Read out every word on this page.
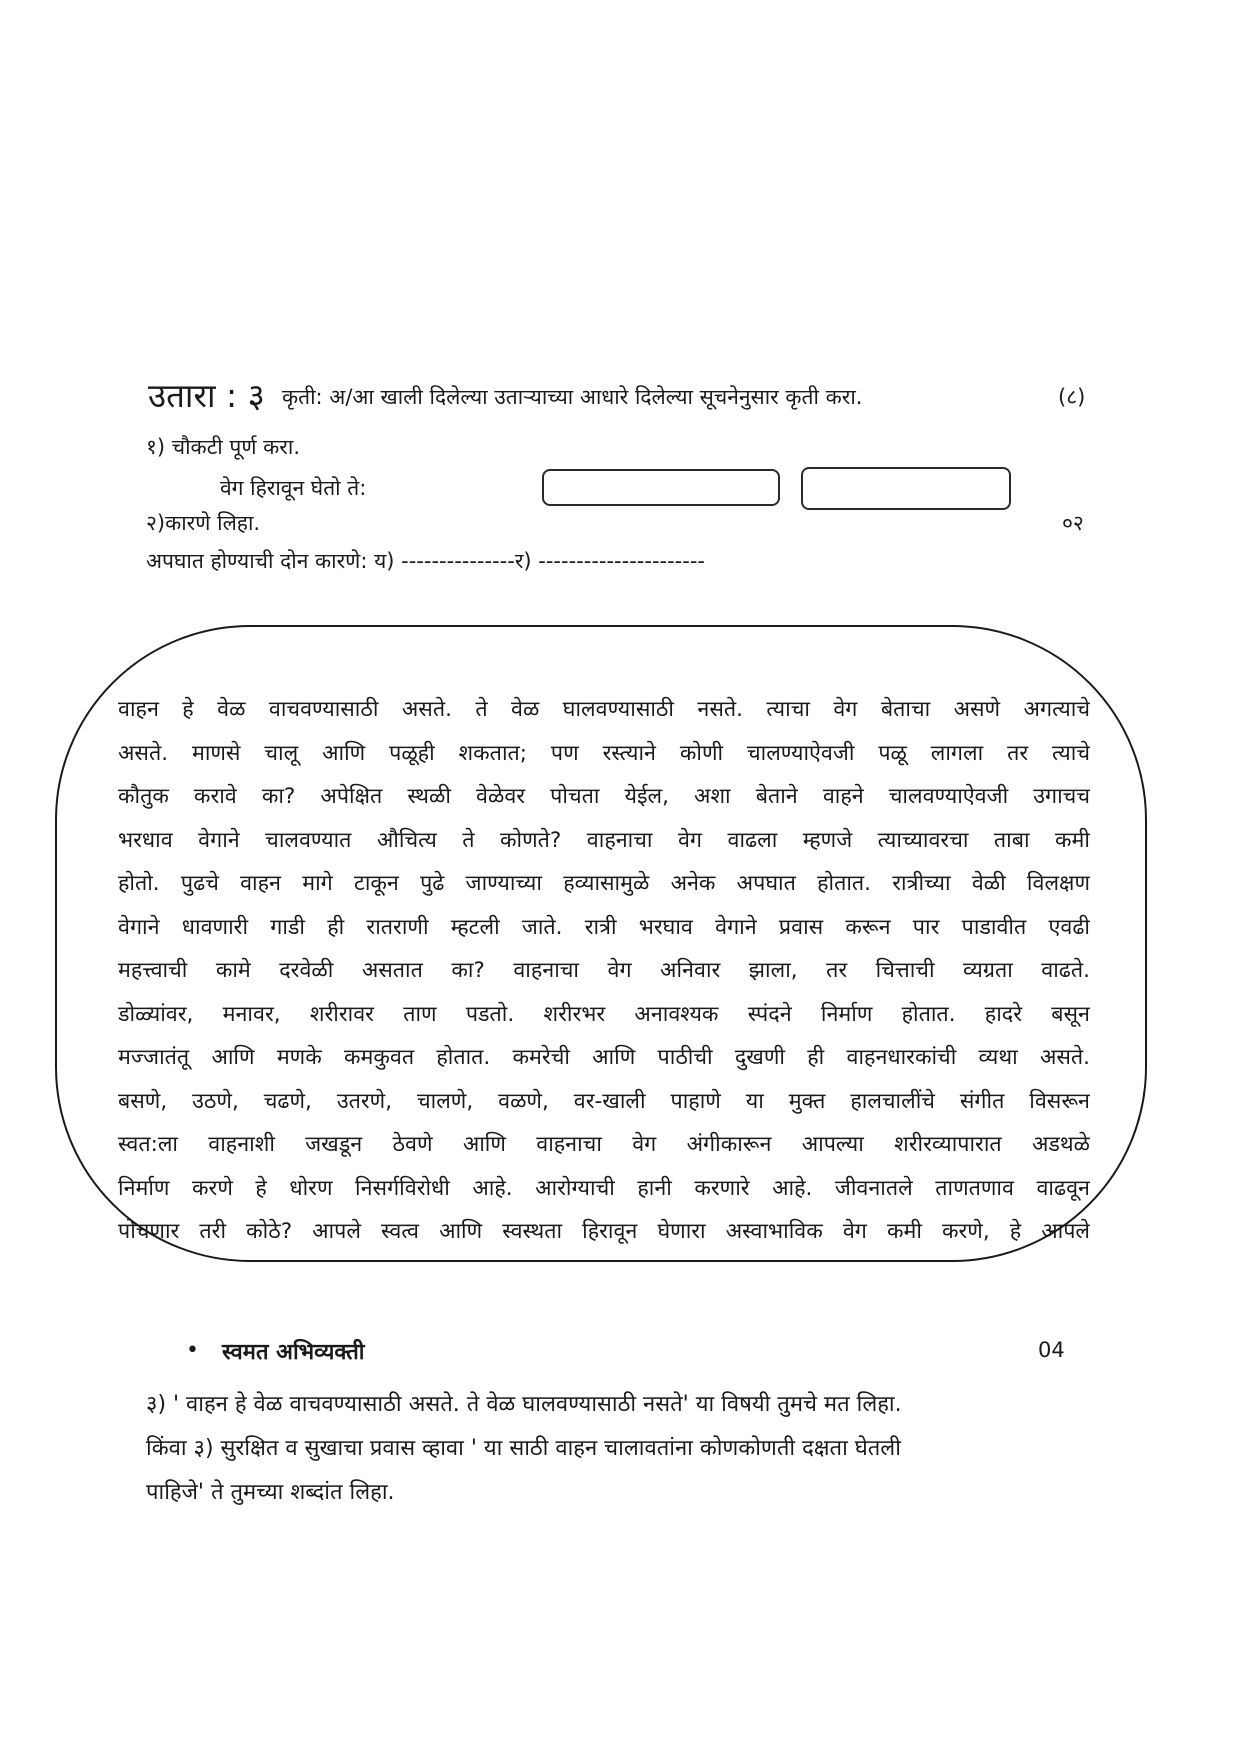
उतारा : ३ कृती: अ/आ खाली दिलेल्या उताऱ्याच्या आधारे दिलेल्या सूचनेनुसार कृती करा.	(८)
१) चौकटी पूर्ण करा.
वेग हिरावून घेतो ते:
२)कारणे लिहा.	०२
अपघात होण्याची दोन कारणे: य) ---------------र) ----------------------
वाहन हे वेळ वाचवण्यासाठी असते. ते वेळ घालवण्यासाठी नसते. त्याचा वेग बेताचा असणे अगत्याचे
असते. माणसे चालू आणि पळूही शकतात; पण रस्त्याने कोणी चालण्याऐवजी पळू लागला तर त्याचे
कौतुक करावे का? अपेक्षित स्थळी वेळेवर पोचता येईल, अशा बेताने वाहने चालवण्याऐवजी उगाचच
भरधाव वेगाने चालवण्यात औचित्य ते कोणते? वाहनाचा वेग वाढला म्हणजे त्याच्यावरचा ताबा कमी
होतो. पुढचे वाहन मागे टाकून पुढे जाण्याच्या हव्यासामुळे अनेक अपघात होतात. रात्रीच्या वेळी विलक्षण
वेगाने धावणारी गाडी ही रातराणी म्हटली जाते. रात्री भरघाव वेगाने प्रवास करून पार पाडावीत एवढी
महत्त्वाची कामे दरवेळी असतात का? वाहनाचा वेग अनिवार झाला, तर चित्ताची व्यग्रता वाढते.
डोळ्यांवर, मनावर, शरीरावर ताण पडतो. शरीरभर अनावश्यक स्पंदने निर्माण होतात. हादरे बसून
मज्जातंतू आणि मणके कमकुवत होतात. कमरेची आणि पाठीची दुखणी ही वाहनधारकांची व्यथा असते.
बसणे, उठणे, चढणे, उतरणे, चालणे, वळणे, वर-खाली पाहाणे या मुक्त हालचालींचे संगीत विसरून
स्वत:ला वाहनाशी जखडून ठेवणे आणि वाहनाचा वेग अंगीकारून आपल्या शरीरव्यापारात अडथळे
निर्माण करणे हे धोरण निसर्गविरोधी आहे. आरोग्याची हानी करणारे आहे. जीवनातले ताणतणाव वाढवून
पोचणार तरी कोठे? आपले स्वत्व आणि स्वस्थता हिरावून घेणारा अस्वाभाविक वेग कमी करणे, हे आपले
• स्वमत अभिव्यक्ती	04
३) ' वाहन हे वेळ वाचवण्यासाठी असते. ते वेळ घालवण्यासाठी नसते' या विषयी तुमचे मत लिहा.
किंवा ३) सुरक्षित व सुखाचा प्रवास व्हावा ' या साठी वाहन चालावतांना कोणकोणती दक्षता घेतली
पाहिजे' ते तुमच्या शब्दांत लिहा.
